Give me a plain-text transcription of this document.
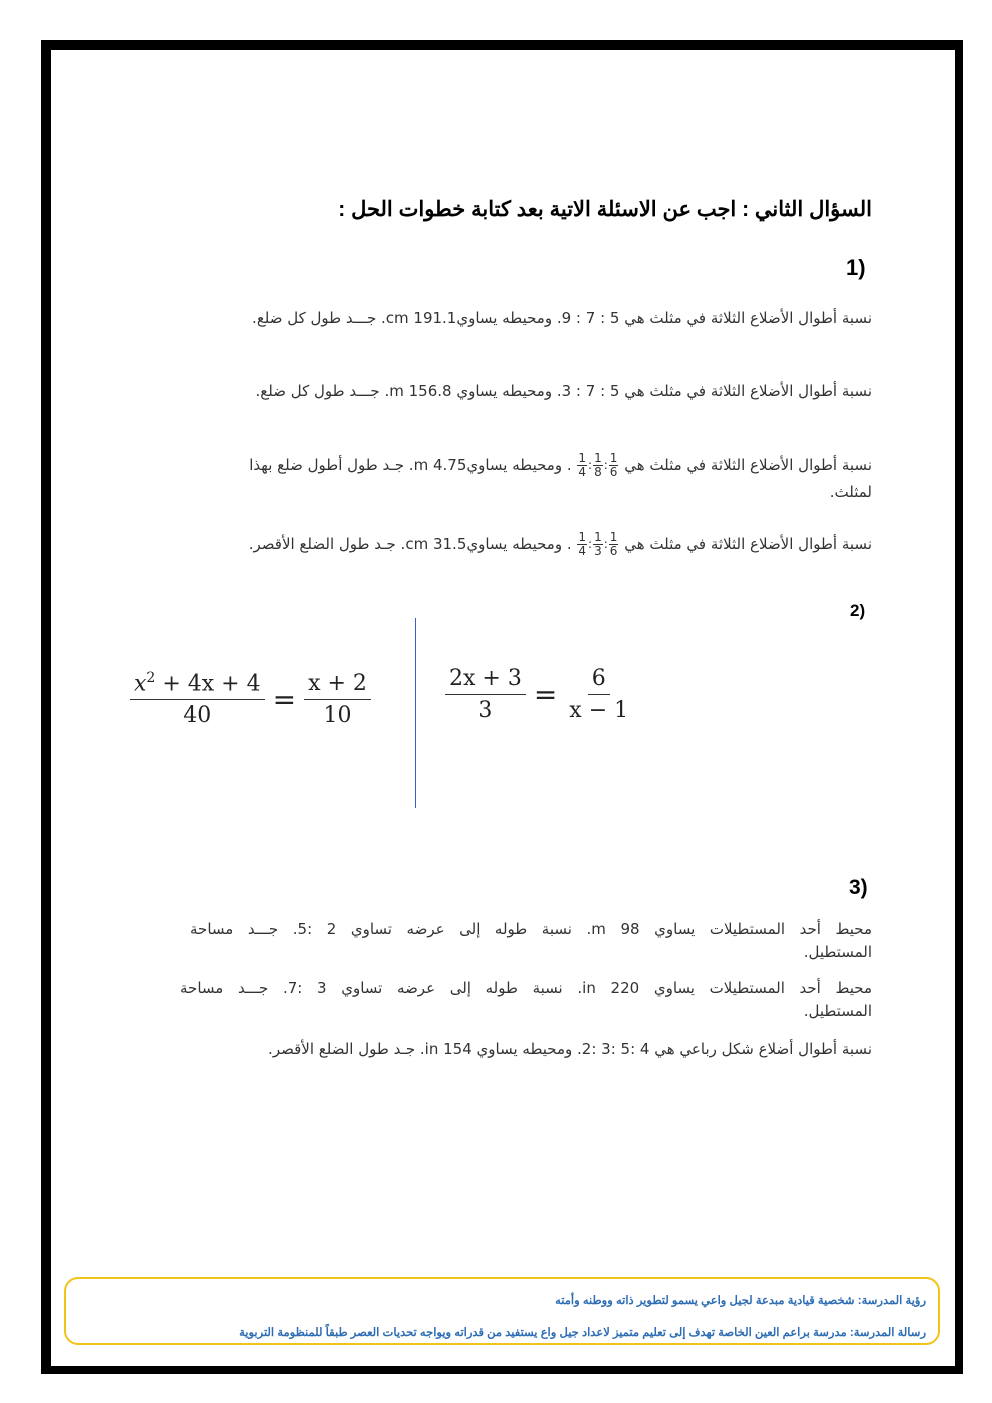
السؤال الثاني : اجب عن الاسئلة الاتية بعد كتابة خطوات الحل :
1)
نسبة أطوال الأضلاع الثلاثة في مثلث هي 5 : 7 : 9. ومحيطه يساوي191.1 cm. جـــد طول كل ضلع.
نسبة أطوال الأضلاع الثلاثة في مثلث هي 5 : 7 : 3. ومحيطه يساوي 156.8 m. جـــد طول كل ضلع.
نسبة أطوال الأضلاع الثلاثة في مثلث هي
$\frac{1}{4}$ : $\frac{1}{8}$ : $\frac{1}{6}$
. ومحيطه يساوي4.75 m. جـد طول أطول ضلع بهذا
لمثلث.
نسبة أطوال الأضلاع الثلاثة في مثلث هي
$\frac{1}{4}$ : $\frac{1}{3}$ : $\frac{1}{6}$
. ومحيطه يساوي31.5 cm. جـد طول الضلع الأقصر.
2)
$\frac{x^2 + 4x + 4}{40} = \frac{x + 2}{10}$	$\frac{2x + 3}{3} = \frac{6}{x - 1}$
3)
محيط أحد المستطيلات يساوي 98 m. نسبة طوله إلى عرضه تساوي 2 :5. جـــد مساحة
المستطيل.
محيط أحد المستطيلات يساوي 220 in. نسبة طوله إلى عرضه تساوي 3 :7. جـــد مساحة
المستطيل.
نسبة أطوال أضلاع شكل رباعي هي 4 :5 :3 :2. ومحيطه يساوي 154 in. جـد طول الضلع الأقصر.
رؤية المدرسة: شخصية قيادية مبدعة لجيل واعي يسمو لتطوير ذاته ووطنه وأمته
رسالة المدرسة: مدرسة براعم العين الخاصة تهدف إلى تعليم متميز لاعداد جيل واع يستفيد من قدراته ويواجه تحديات العصر طبقاً للمنظومة التربوية
